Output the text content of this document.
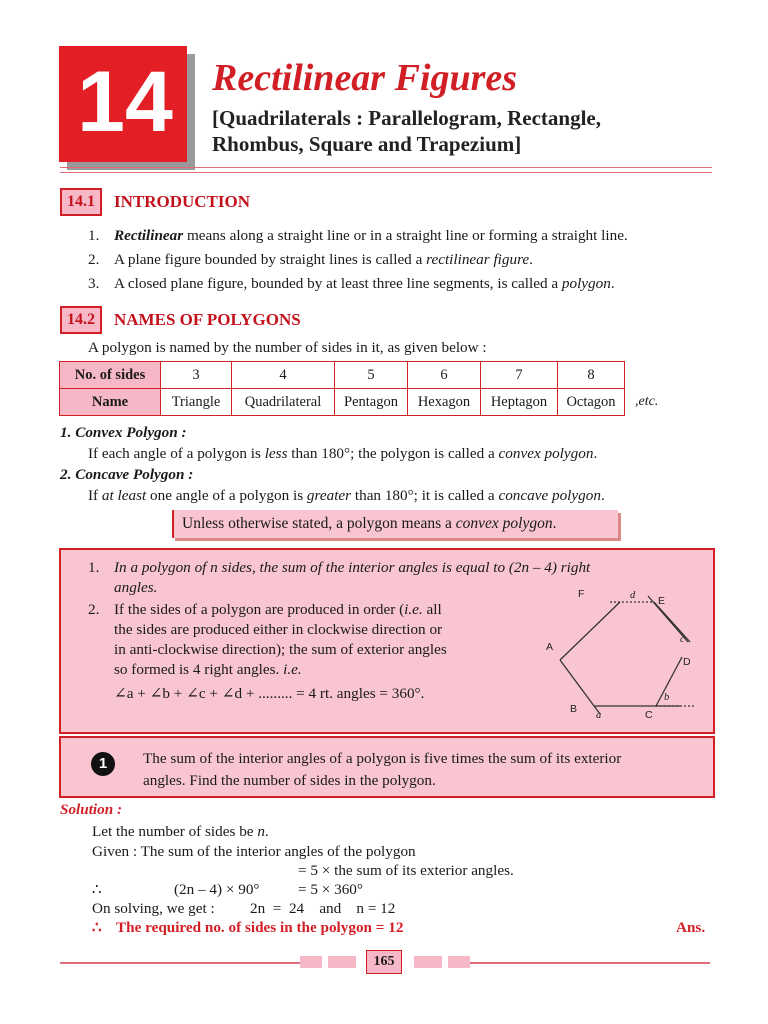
14 Rectilinear Figures
[Quadrilaterals : Parallelogram, Rectangle,
Rhombus, Square and Trapezium]
14.1	INTRODUCTION
1. Rectilinear means along a straight line or in a straight line or forming a straight line.
2. A plane figure bounded by straight lines is called a rectilinear figure.
3. A closed plane figure, bounded by at least three line segments, is called a polygon.
14.2	NAMES OF POLYGONS
A polygon is named by the number of sides in it, as given below :
No. of sides	3	4	5	6	7	8
Name	Triangle	Quadrilateral	Pentagon	Hexagon	Heptagon	Octagon ,etc.
1. Convex Polygon :
If each angle of a polygon is less than 180°; the polygon is called a convex polygon.
2. Concave Polygon :
If at least one angle of a polygon is greater than 180°; it is called a concave polygon.
Unless otherwise stated, a polygon means a convex polygon.
1. In a polygon of n sides, the sum of the interior angles is equal to (2n – 4) right
angles.
2. If the sides of a polygon are produced in order (i.e. all
the sides are produced either in clockwise direction or
in anti-clockwise direction); the sum of exterior angles
so formed is 4 right angles. i.e.
∠a + ∠b + ∠c + ∠d + ......... = 4 rt. angles = 360°.
A
B	C
D
E
F
a
b
c
d
1	The sum of the interior angles of a polygon is five times the sum of its exterior
angles. Find the number of sides in the polygon.
Solution :
Let the number of sides be n.
Given : The sum of the interior angles of the polygon
= 5 × the sum of its exterior angles.
∴	(2n – 4) × 90°	= 5 × 360°
On solving, we get : 2n  =  24    and    n = 12
∴ The required no. of sides in the polygon = 12	Ans.
165
